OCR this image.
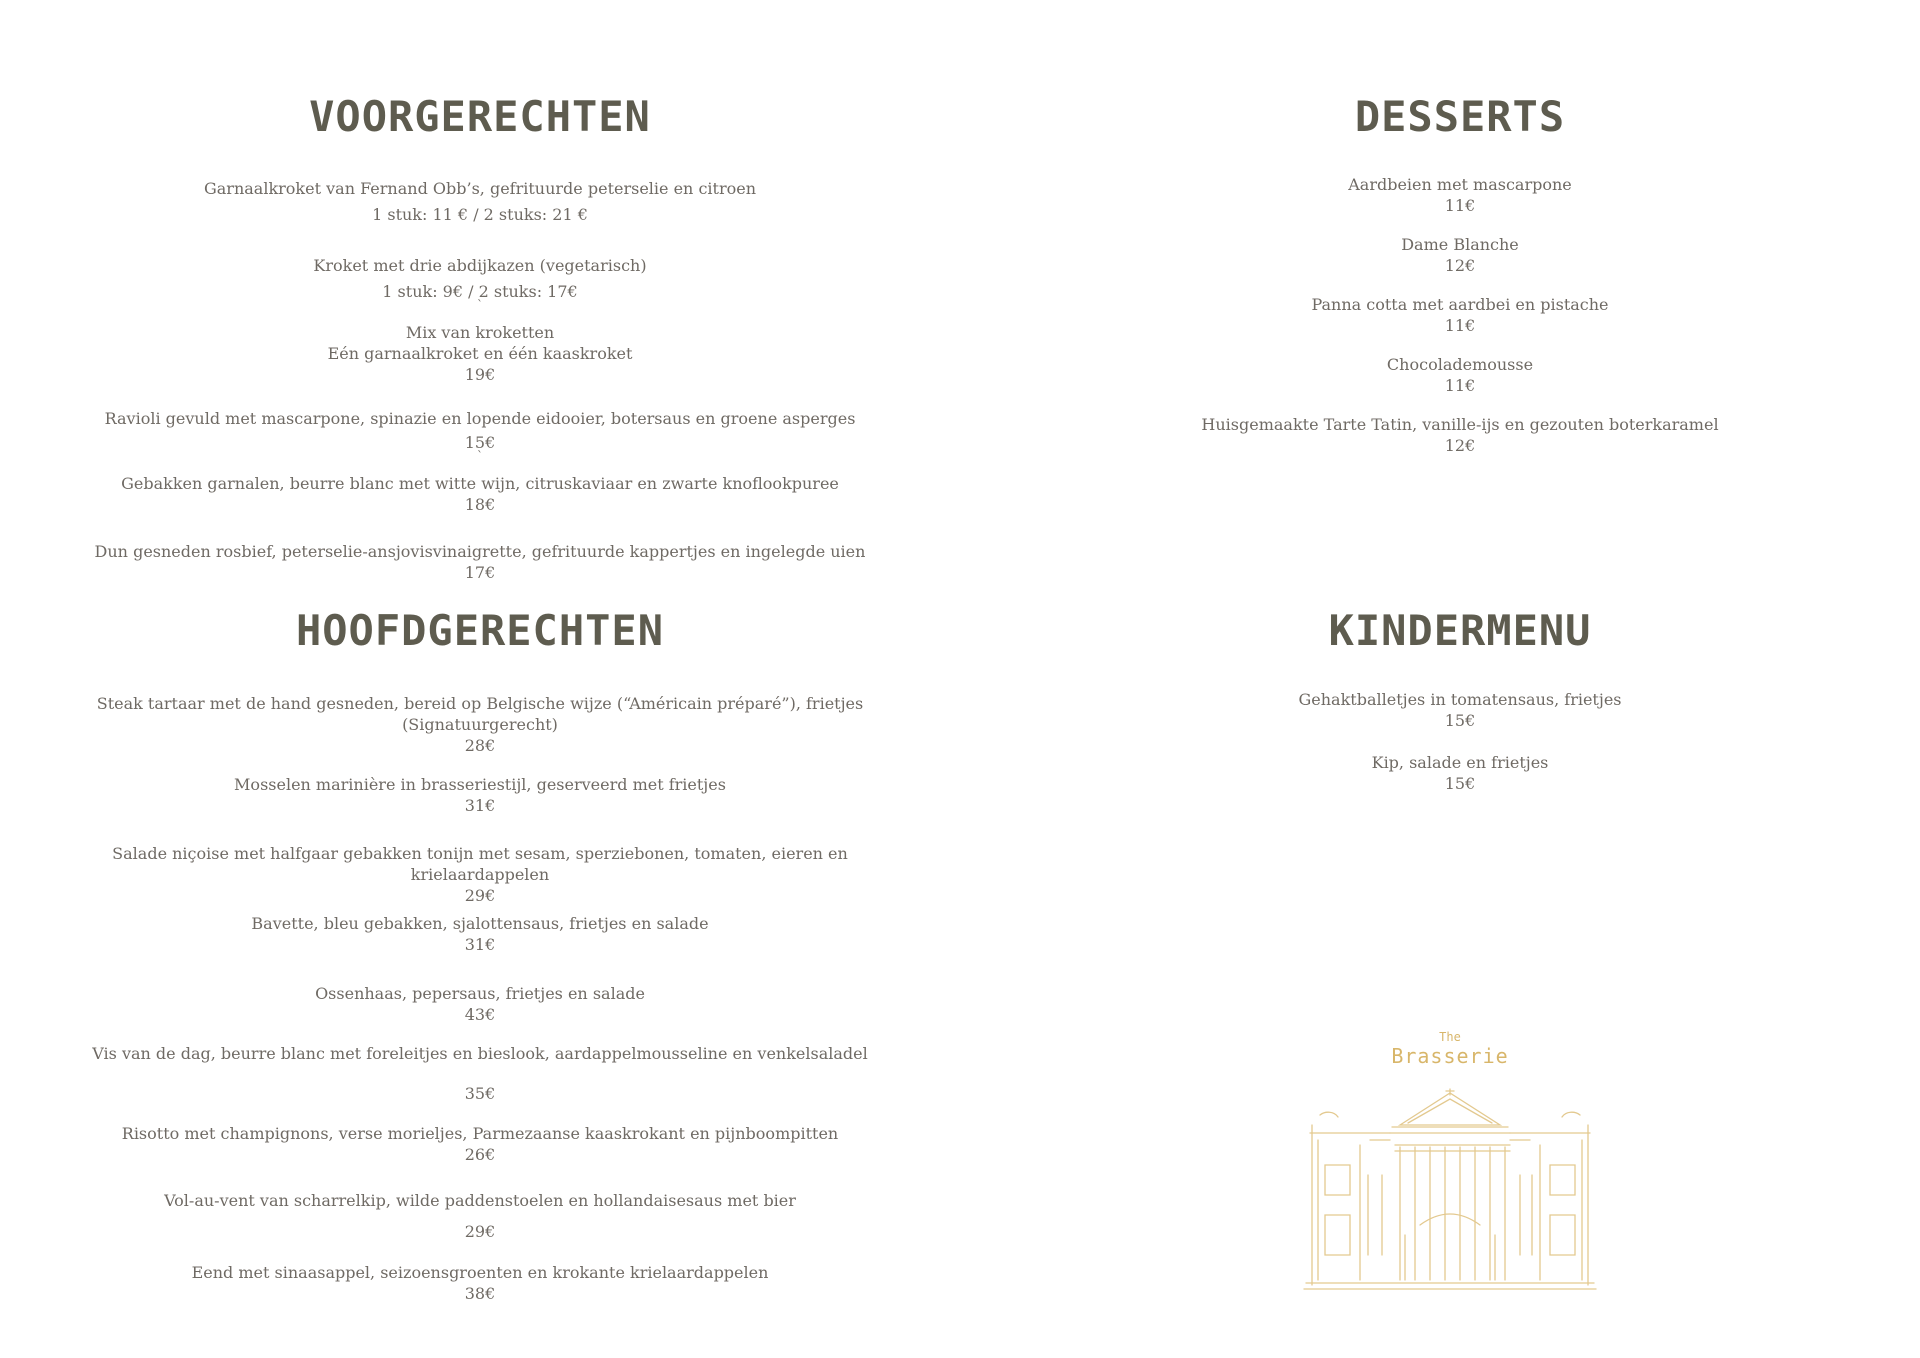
VOORGERECHTEN
Garnaalkroket van Fernand Obb’s, gefrituurde peterselie en citroen
1 stuk: 11 € / 2 stuks: 21 €
Kroket met drie abdijkazen (vegetarisch)
1 stuk: 9€ / 2 stuks: 17€
`
Mix van kroketten
Eén garnaalkroket en één kaaskroket
19€
Ravioli gevuld met mascarpone, spinazie en lopende eidooier, botersaus en groene asperges
15€
`
Gebakken garnalen, beurre blanc met witte wijn, citruskaviaar en zwarte knoflookpuree
18€
Dun gesneden rosbief, peterselie-ansjovisvinaigrette, gefrituurde kappertjes en ingelegde uien
17€
HOOFDGERECHTEN
Steak tartaar met de hand gesneden, bereid op Belgische wijze (“Américain préparé”), frietjes
(Signatuurgerecht)
28€
Mosselen marinière in brasseriestijl, geserveerd met frietjes
31€
Salade niçoise met halfgaar gebakken tonijn met sesam, sperziebonen, tomaten, eieren en krielaardappelen
29€
Bavette, bleu gebakken, sjalottensaus, frietjes en salade
31€
Ossenhaas, pepersaus, frietjes en salade
43€
Vis van de dag, beurre blanc met foreleitjes en bieslook, aardappelmousseline en venkelsaladel
35€
Risotto met champignons, verse morieljes, Parmezaanse kaaskrokant en pijnboompitten
26€
Vol-au-vent van scharrelkip, wilde paddenstoelen en hollandaisesaus met bier
29€
Eend met sinaasappel, seizoensgroenten en krokante krielaardappelen
38€
DESSERTS
Aardbeien met mascarpone
11€
Dame Blanche
12€
Panna cotta met aardbei en pistache
11€
Chocolademousse
11€
Huisgemaakte Tarte Tatin, vanille-ijs en gezouten boterkaramel
12€
KINDERMENU
Gehaktballetjes in tomatensaus, frietjes
15€
Kip, salade en frietjes
15€
The
Brasserie
